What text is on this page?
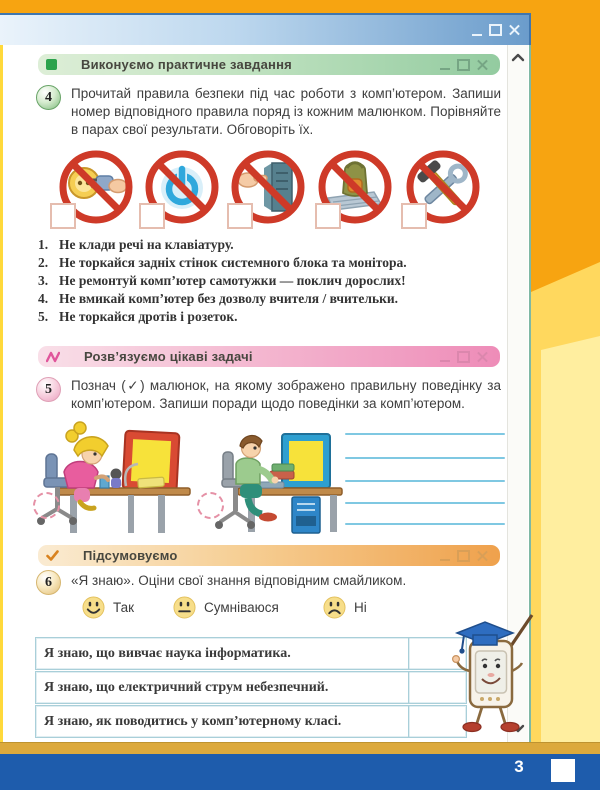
Виконуємо практичне завдання
4	Прочитай правила безпеки під час роботи з комп’ютером. Запиши номер відповідного правила поряд із кожним малюнком. Порівняйте в парах свої результати. Обговоріть їх.
1. Не клади речі на клавіатуру.
2. Не торкайся задніх стінок системного блока та монітора.
3. Не ремонтуй комп’ютер самотужки — поклич дорослих!
4. Не вмикай комп’ютер без дозволу вчителя / вчительки.
5. Не торкайся дротів і розеток.
Розв’язуємо цікаві задачі
5	Познач (✓) малюнок, на якому зображено правильну поведінку за комп’ютером. Запиши поради щодо поведінки за комп’ютером.
Підсумовуємо
6	«Я знаю». Оціни свої знання відповідним смайликом.
Так	Сумніваюся	Ні
Я знаю, що вивчає наука інформатика.
Я знаю, що електричний струм небезпечний.
Я знаю, як поводитись у комп’ютерному класі.
3
